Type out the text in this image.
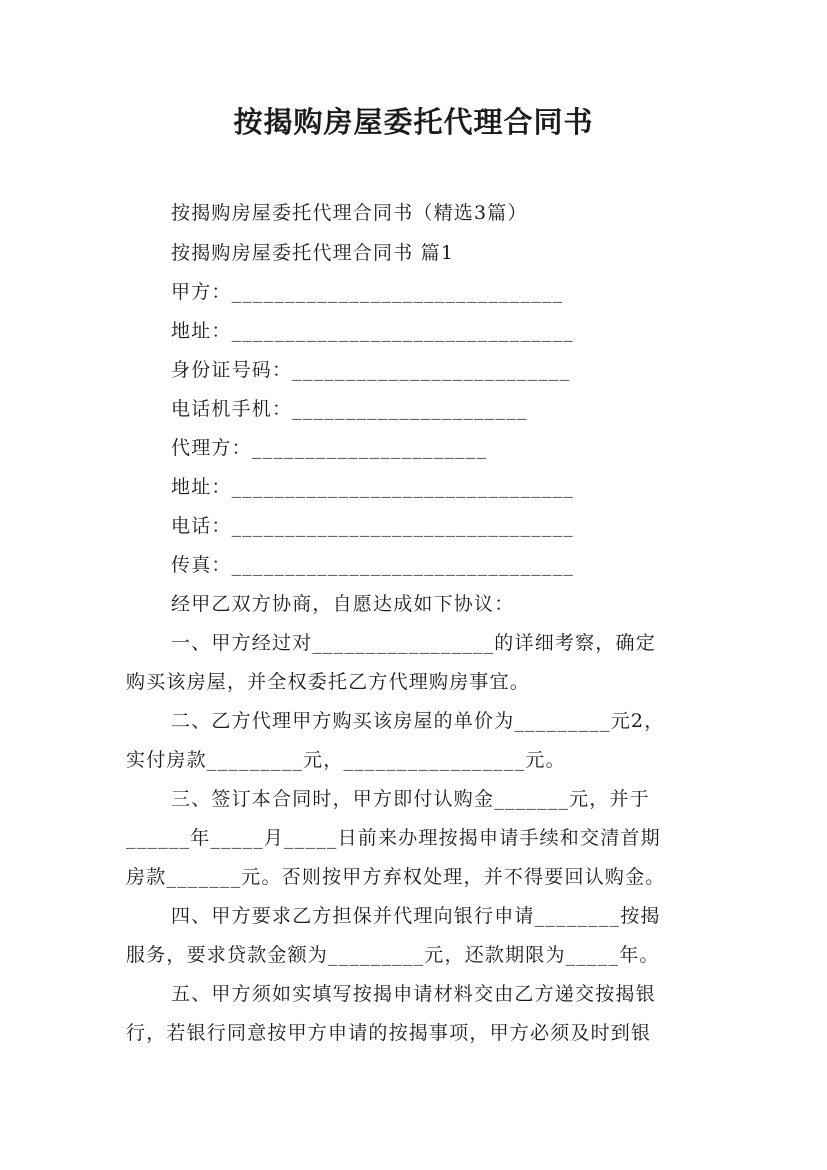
按揭购房屋委托代理合同书
按揭购房屋委托代理合同书（精选3篇）
按揭购房屋委托代理合同书 篇1
甲方：_______________________________
地址：________________________________
身份证号码：__________________________
电话机手机：______________________
代理方：______________________
地址：________________________________
电话：________________________________
传真：________________________________
经甲乙双方协商，自愿达成如下协议：
一、甲方经过对_________________的详细考察，确定
购买该房屋，并全权委托乙方代理购房事宜。
二、乙方代理甲方购买该房屋的单价为_________元2，
实付房款_________元，_________________元。
三、签订本合同时，甲方即付认购金_______元，并于
______年_____月_____日前来办理按揭申请手续和交清首期
房款_______元。否则按甲方弃权处理，并不得要回认购金。
四、甲方要求乙方担保并代理向银行申请________按揭
服务，要求贷款金额为_________元，还款期限为_____年。
五、甲方须如实填写按揭申请材料交由乙方递交按揭银
行，若银行同意按甲方申请的按揭事项，甲方必须及时到银
